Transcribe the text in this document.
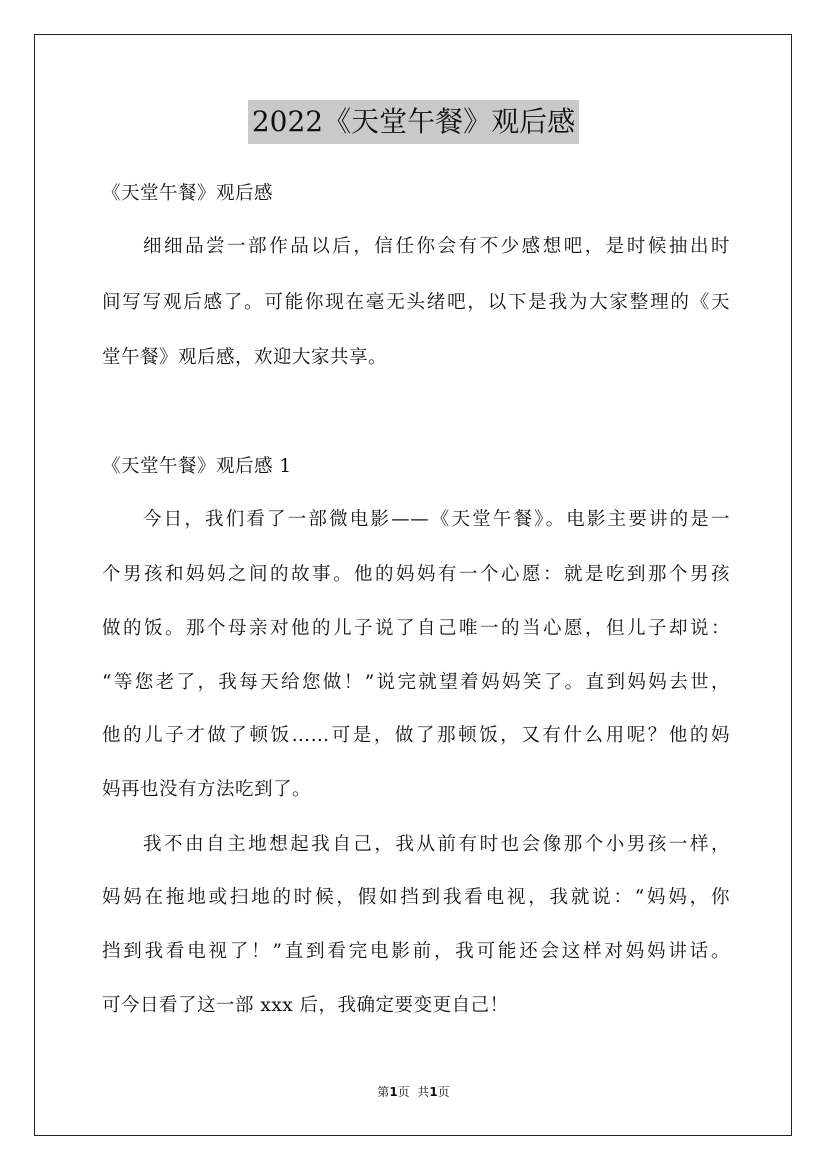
2022《天堂午餐》观后感
《天堂午餐》观后感
细细品尝一部作品以后，信任你会有不少感想吧，是时候抽出时
间写写观后感了。可能你现在毫无头绪吧，以下是我为大家整理的《天
堂午餐》观后感，欢迎大家共享。
《天堂午餐》观后感 1
今日，我们看了一部微电影——《天堂午餐》。电影主要讲的是一
个男孩和妈妈之间的故事。他的妈妈有一个心愿：就是吃到那个男孩
做的饭。那个母亲对他的儿子说了自己唯一的当心愿，但儿子却说：
“等您老了，我每天给您做！”说完就望着妈妈笑了。直到妈妈去世，
他的儿子才做了顿饭……可是，做了那顿饭，又有什么用呢？他的妈
妈再也没有方法吃到了。
我不由自主地想起我自己，我从前有时也会像那个小男孩一样，
妈妈在拖地或扫地的时候，假如挡到我看电视，我就说：“妈妈，你
挡到我看电视了！”直到看完电影前，我可能还会这样对妈妈讲话。
可今日看了这一部 xxx 后，我确定要变更自己！
第1页  共1页
